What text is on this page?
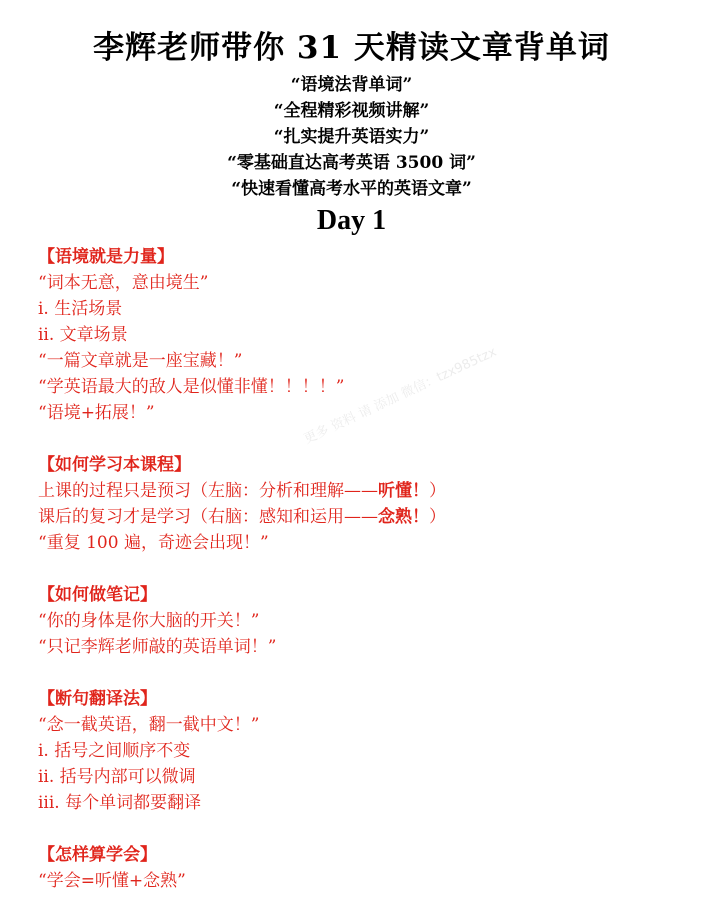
李辉老师带你 31 天精读文章背单词
“语境法背单词”
“全程精彩视频讲解”
“扎实提升英语实力”
“零基础直达高考英语 3500 词”
“快速看懂高考水平的英语文章”
Day 1
更多 资料 请 添加 微信：tzx985tzx
【语境就是力量】
“词本无意，意由境生”
i. 生活场景
ii. 文章场景
“一篇文章就是一座宝藏！”
“学英语最大的敌人是似懂非懂！！！！”
“语境+拓展！”
【如何学习本课程】
上课的过程只是预习（左脑：分析和理解——听懂！）
课后的复习才是学习（右脑：感知和运用——念熟！）
“重复 100 遍，奇迹会出现！”
【如何做笔记】
“你的身体是你大脑的开关！”
“只记李辉老师敲的英语单词！”
【断句翻译法】
“念一截英语，翻一截中文！”
i. 括号之间顺序不变
ii. 括号内部可以微调
iii. 每个单词都要翻译
【怎样算学会】
“学会=听懂+念熟”
